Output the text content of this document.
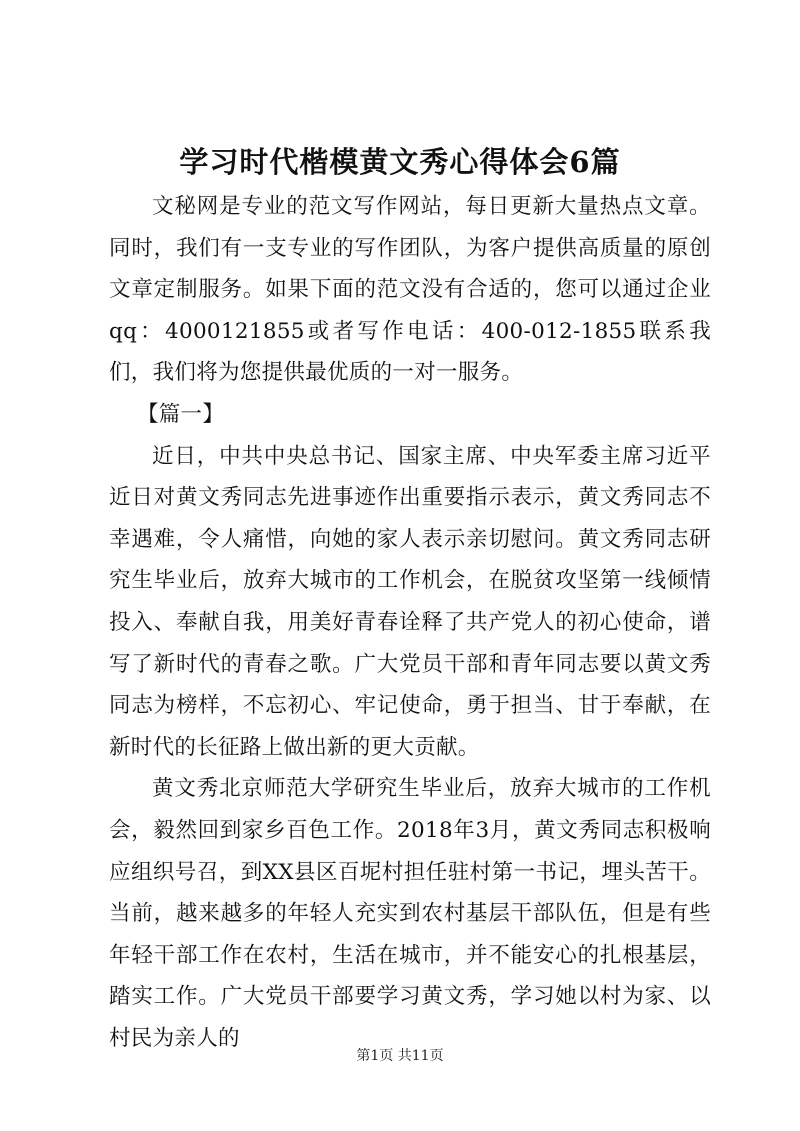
学习时代楷模黄文秀心得体会6篇

文秘网是专业的范文写作网站，每日更新大量热点文章。同时，我们有一支专业的写作团队，为客户提供高质量的原创文章定制服务。如果下面的范文没有合适的，您可以通过企业qq：4000121855或者写作电话：400-012-1855联系我们，我们将为您提供最优质的一对一服务。

【篇一】

近日，中共中央总书记、国家主席、中央军委主席习近平近日对黄文秀同志先进事迹作出重要指示表示，黄文秀同志不幸遇难，令人痛惜，向她的家人表示亲切慰问。黄文秀同志研究生毕业后，放弃大城市的工作机会，在脱贫攻坚第一线倾情投入、奉献自我，用美好青春诠释了共产党人的初心使命，谱写了新时代的青春之歌。广大党员干部和青年同志要以黄文秀同志为榜样，不忘初心、牢记使命，勇于担当、甘于奉献，在新时代的长征路上做出新的更大贡献。

黄文秀北京师范大学研究生毕业后，放弃大城市的工作机会，毅然回到家乡百色工作。2018年3月，黄文秀同志积极响应组织号召，到XX县区百坭村担任驻村第一书记，埋头苦干。当前，越来越多的年轻人充实到农村基层干部队伍，但是有些年轻干部工作在农村，生活在城市，并不能安心的扎根基层，踏实工作。广大党员干部要学习黄文秀，学习她以村为家、以村民为亲人的

第1页 共11页
